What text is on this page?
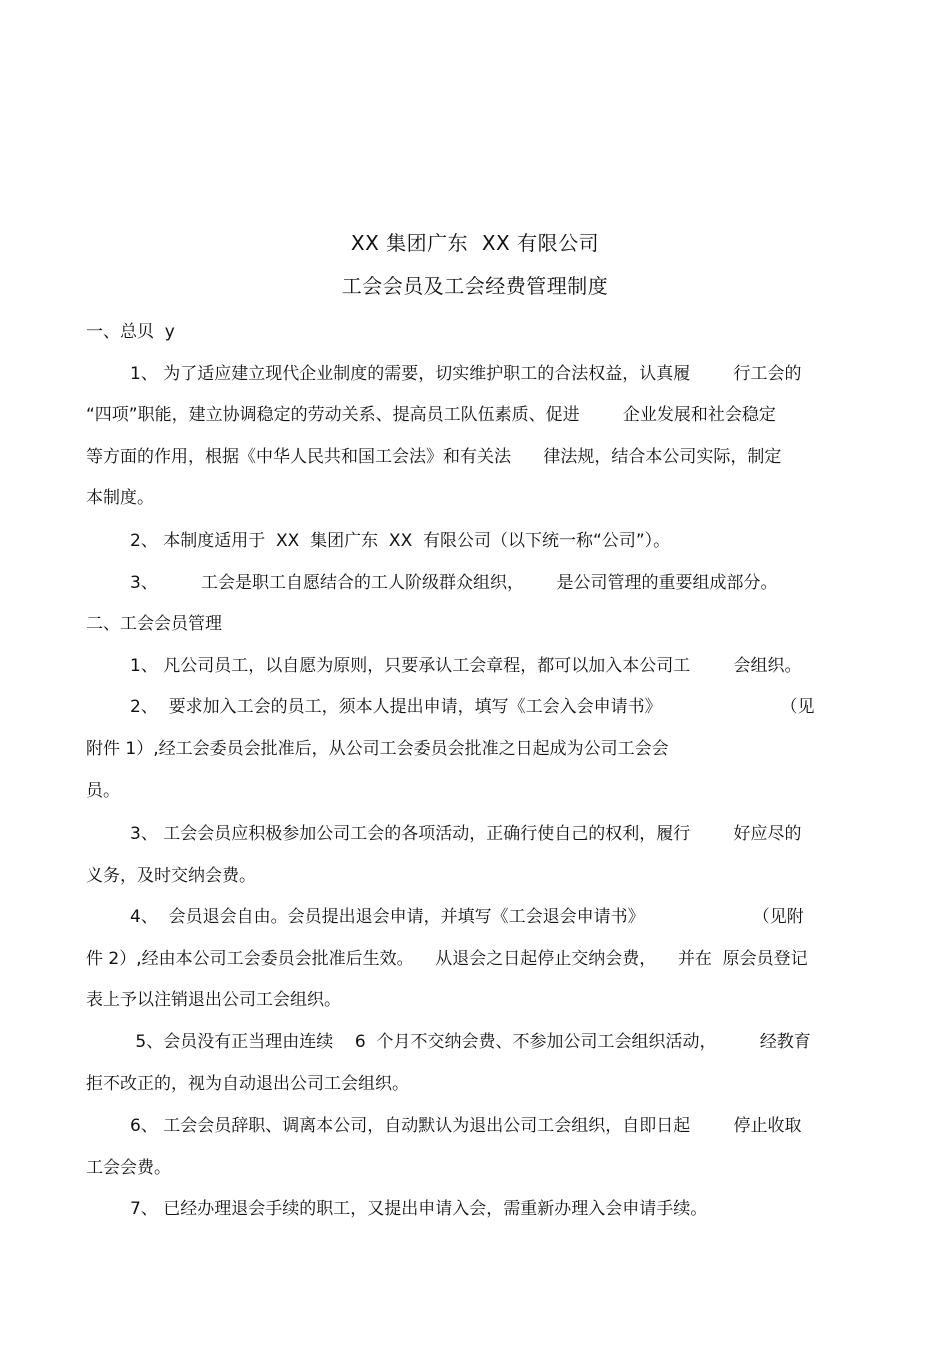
XX 集团广东  XX 有限公司
工会会员及工会经费管理制度
一、总贝  y
1、 为了适应建立现代企业制度的需要，切实维护职工的合法权益，认真履        行工会的
“四项”职能，建立协调稳定的劳动关系、提高员工队伍素质、促进        企业发展和社会稳定
等方面的作用，根据《中华人民共和国工会法》和有关法      律法规，结合本公司实际，制定
本制度。
2、 本制度适用于  XX  集团广东  XX  有限公司（以下统一称“公司”）。
3、        工会是职工自愿结合的工人阶级群众组织，      是公司管理的重要组成部分。
二、工会会员管理
1、 凡公司员工，以自愿为原则，只要承认工会章程，都可以加入本公司工        会组织。
2、  要求加入工会的员工，须本人提出申请，填写《工会入会申请书》                      （见
附件 1）,经工会委员会批准后，从公司工会委员会批准之日起成为公司工会会
员。
3、 工会会员应积极参加公司工会的各项活动，正确行使自己的权利，履行        好应尽的
义务，及时交纳会费。
4、  会员退会自由。会员提出退会申请，并填写《工会退会申请书》                    （见附
件 2）,经由本公司工会委员会批准后生效。    从退会之日起停止交纳会费，    并在  原会员登记
表上予以注销退出公司工会组织。
5、会员没有正当理由连续    6  个月不交纳会费、不参加公司工会组织活动，        经教育
拒不改正的，视为自动退出公司工会组织。
6、 工会会员辞职、调离本公司，自动默认为退出公司工会组织，自即日起        停止收取
工会会费。
7、 已经办理退会手续的职工，又提出申请入会，需重新办理入会申请手续。
